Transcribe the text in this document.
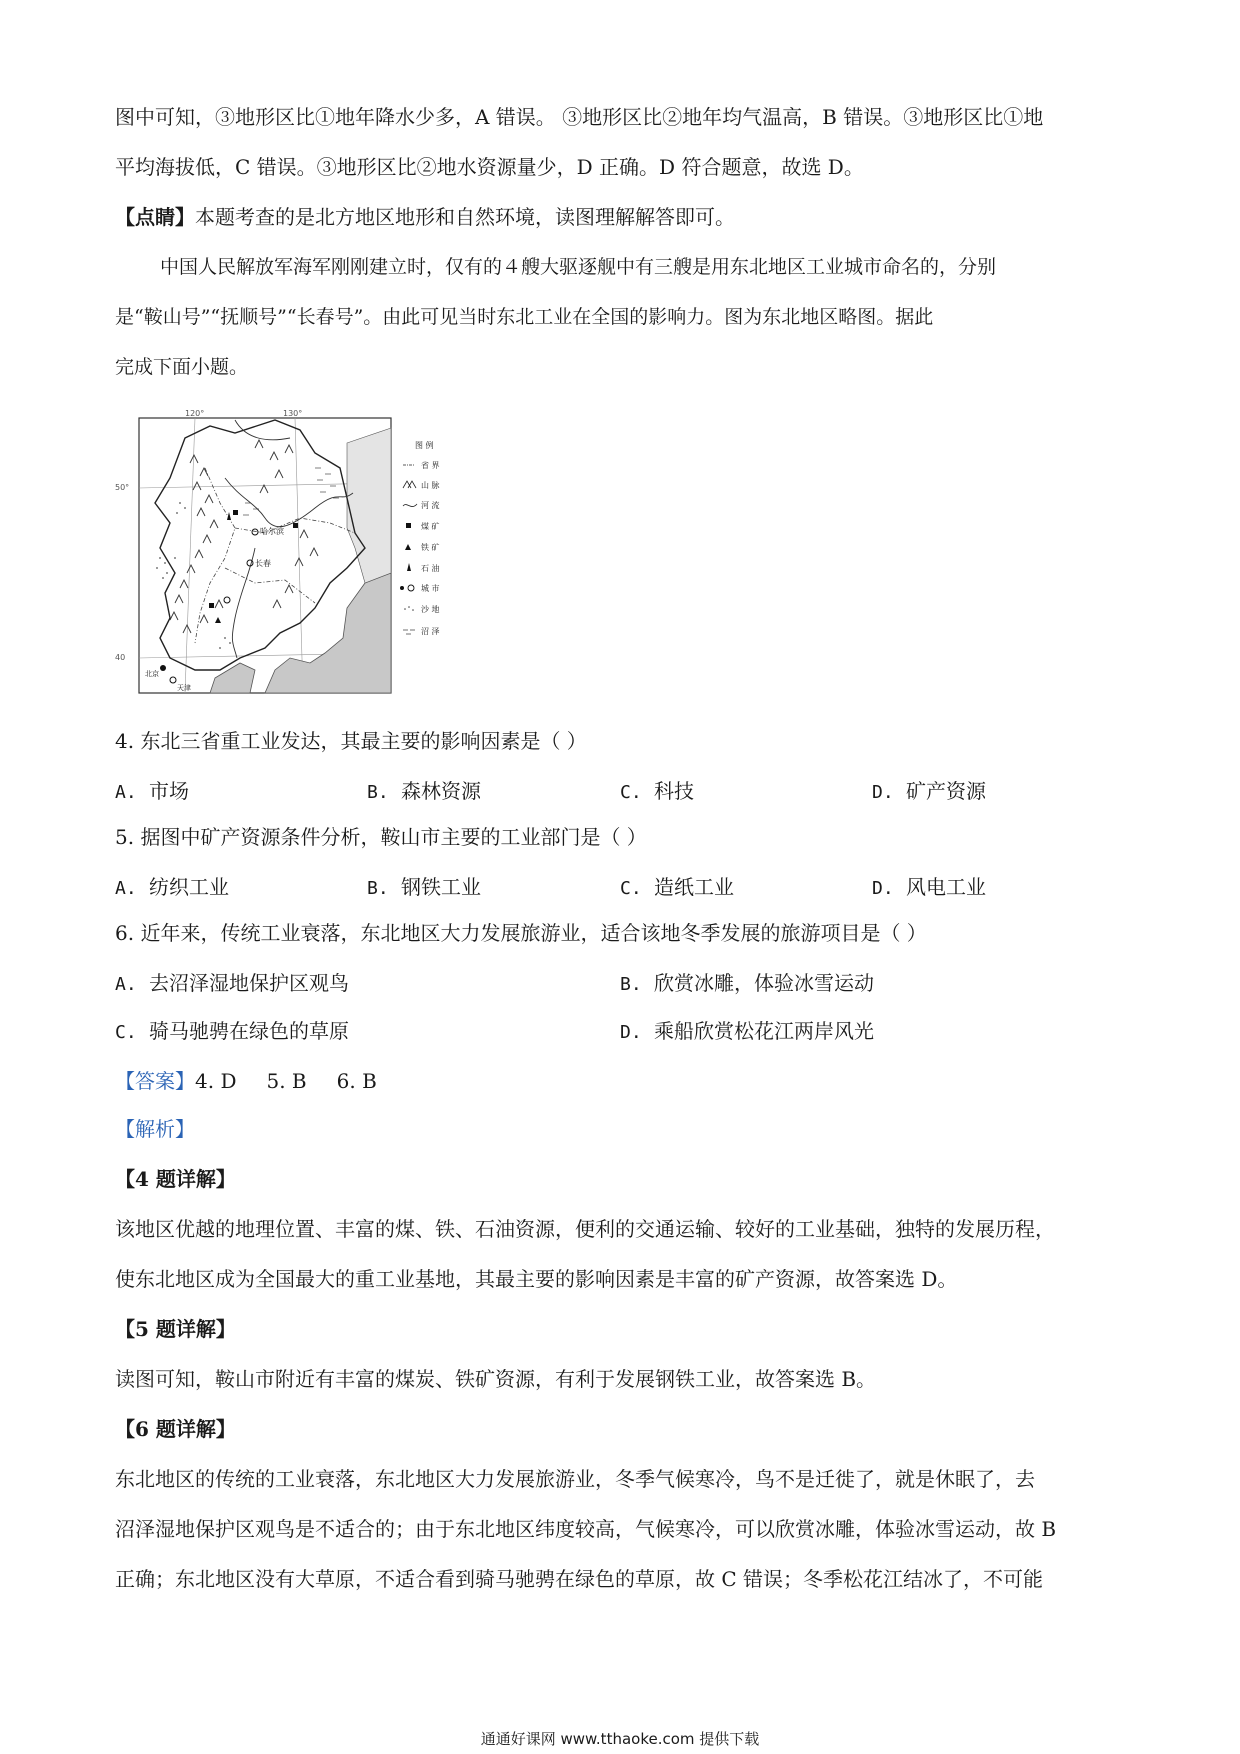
图中可知，③地形区比①地年降水少多，A 错误。 ③地形区比②地年均气温高，B 错误。③地形区比①地
平均海拔低，C 错误。③地形区比②地水资源量少，D 正确。D 符合题意，故选 D。
【点睛】本题考查的是北方地区地形和自然环境，读图理解解答即可。
中国人民解放军海军刚刚建立时，仅有的４艘大驱逐舰中有三艘是用东北地区工业城市命名的，分别
是“鞍山号”“抚顺号”“长春号”。由此可见当时东北工业在全国的影响力。图为东北地区略图。据此
完成下面小题。
120°	130°
50°
40
哈尔滨
长春
北京
天津
图 例
省 界
山 脉
河 流
煤 矿
铁 矿
石 油
城 市
沙 地
沼 泽
4. 东北三省重工业发达，其最主要的影响因素是（ ）
A. 市场	B. 森林资源	C. 科技	D. 矿产资源
5. 据图中矿产资源条件分析，鞍山市主要的工业部门是（ ）
A. 纺织工业	B. 钢铁工业	C. 造纸工业	D. 风电工业
6. 近年来，传统工业衰落，东北地区大力发展旅游业，适合该地冬季发展的旅游项目是（ ）
A. 去沼泽湿地保护区观鸟	B. 欣赏冰雕，体验冰雪运动
C. 骑马驰骋在绿色的草原	D. 乘船欣赏松花江两岸风光
【答案】4. D 5. B 6. B
【解析】
【4 题详解】
该地区优越的地理位置、丰富的煤、铁、石油资源，便利的交通运输、较好的工业基础，独特的发展历程，
使东北地区成为全国最大的重工业基地，其最主要的影响因素是丰富的矿产资源，故答案选 D。
【5 题详解】
读图可知，鞍山市附近有丰富的煤炭、铁矿资源，有利于发展钢铁工业，故答案选 B。
【6 题详解】
东北地区的传统的工业衰落，东北地区大力发展旅游业，冬季气候寒冷，鸟不是迁徙了，就是休眠了，去
沼泽湿地保护区观鸟是不适合的；由于东北地区纬度较高，气候寒冷，可以欣赏冰雕，体验冰雪运动，故 B
正确；东北地区没有大草原，不适合看到骑马驰骋在绿色的草原，故 C 错误；冬季松花江结冰了，不可能
通通好课网 www.tthaoke.com 提供下载
